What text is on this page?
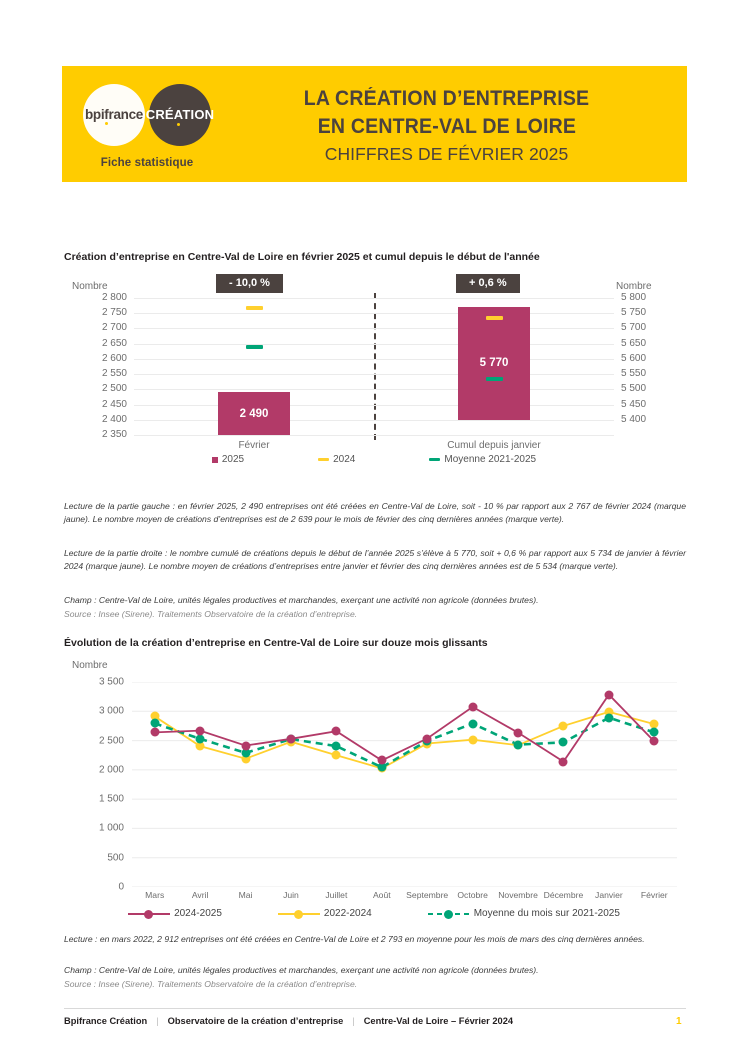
bpifrance CRÉATION
Fiche statistique
LA CRÉATION D’ENTREPRISE
EN CENTRE-VAL DE LOIRE
CHIFFRES DE FÉVRIER 2025
Création d’entreprise en Centre-Val de Loire en février 2025 et cumul depuis le début de l'année
Nombre	Nombre
2 800
2 750
2 700
2 650
2 600
2 550
2 500
2 450
2 400
2 350
5 800
5 750
5 700
5 650
5 600
5 550
5 500
5 450
5 400
2 490
- 10,0 %
Février
5 770
+ 0,6 %
Cumul depuis janvier
2025	2024	Moyenne 2021-2025
Lecture de la partie gauche : en février 2025, 2 490 entreprises ont été créées en Centre-Val de Loire, soit - 10 % par rapport aux 2 767 de février 2024 (marque jaune). Le nombre moyen de créations d’entreprises est de 2 639 pour le mois de février des cinq dernières années (marque verte).
Lecture de la partie droite : le nombre cumulé de créations depuis le début de l’année 2025 s’élève à 5 770, soit + 0,6 % par rapport aux 5 734 de janvier à février 2024 (marque jaune). Le nombre moyen de créations d’entreprises entre janvier et février des cinq dernières années est de 5 534 (marque verte).
Champ : Centre-Val de Loire, unités légales productives et marchandes, exerçant une activité non agricole (données brutes).
Source : Insee (Sirene). Traitements Observatoire de la création d’entreprise.
Évolution de la création d’entreprise en Centre-Val de Loire sur douze mois glissants
Nombre
0
500
1 000
1 500
2 000
2 500
3 000
3 500
Mars	Avril	Mai	Juin	Juillet	Août Septembre Octobre Novembre Décembre Janvier Février
2024-2025	2022-2024	Moyenne du mois sur 2021-2025
Lecture : en mars 2022, 2 912 entreprises ont été créées en Centre-Val de Loire et 2 793 en moyenne pour les mois de mars des cinq dernières années.
Champ : Centre-Val de Loire, unités légales productives et marchandes, exerçant une activité non agricole (données brutes).
Source : Insee (Sirene). Traitements Observatoire de la création d’entreprise.
Bpifrance Création | Observatoire de la création d’entreprise | Centre-Val de Loire – Février 2024	1
